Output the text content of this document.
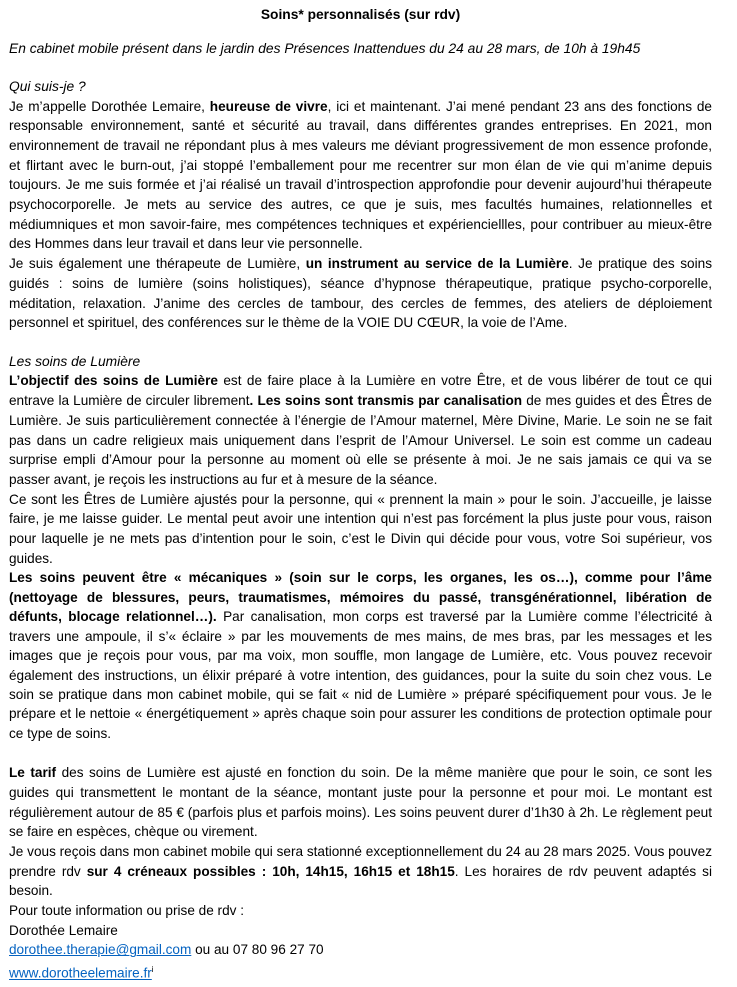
Soins* personnalisés (sur rdv)
En cabinet mobile présent dans le jardin des Présences Inattendues du 24 au 28 mars, de 10h à 19h45
Qui suis-je ?

Je m’appelle Dorothée Lemaire, heureuse de vivre, ici et maintenant. J’ai mené pendant 23 ans des fonctions de responsable environnement, santé et sécurité au travail, dans différentes grandes entreprises. En 2021, mon environnement de travail ne répondant plus à mes valeurs me déviant progressivement de mon essence profonde, et flirtant avec le burn-out, j’ai stoppé l’emballement pour me recentrer sur mon élan de vie qui m’anime depuis toujours. Je me suis formée et j’ai réalisé un travail d’introspection approfondie pour devenir aujourd’hui thérapeute psychocorporelle. Je mets au service des autres, ce que je suis, mes facultés humaines, relationnelles et médiumniques et mon savoir-faire, mes compétences techniques et expérienciellles, pour contribuer au mieux-être des Hommes dans leur travail et dans leur vie personnelle.

Je suis également une thérapeute de Lumière, un instrument au service de la Lumière. Je pratique des soins guidés : soins de lumière (soins holistiques), séance d’hypnose thérapeutique, pratique psycho-corporelle, méditation, relaxation. J’anime des cercles de tambour, des cercles de femmes, des ateliers de déploiement personnel et spirituel, des conférences sur le thème de la VOIE DU CŒUR, la voie de l’Ame.

Les soins de Lumière

L’objectif des soins de Lumière est de faire place à la Lumière en votre Être, et de vous libérer de tout ce qui entrave la Lumière de circuler librement. Les soins sont transmis par canalisation de mes guides et des Êtres de Lumière. Je suis particulièrement connectée à l’énergie de l’Amour maternel, Mère Divine, Marie. Le soin ne se fait pas dans un cadre religieux mais uniquement dans l’esprit de l’Amour Universel. Le soin est comme un cadeau surprise empli d’Amour pour la personne au moment où elle se présente à moi. Je ne sais jamais ce qui va se passer avant, je reçois les instructions au fur et à mesure de la séance.

Ce sont les Êtres de Lumière ajustés pour la personne, qui « prennent la main » pour le soin. J’accueille, je laisse faire, je me laisse guider. Le mental peut avoir une intention qui n’est pas forcément la plus juste pour vous, raison pour laquelle je ne mets pas d’intention pour le soin, c’est le Divin qui décide pour vous, votre Soi supérieur, vos guides.

Les soins peuvent être « mécaniques » (soin sur le corps, les organes, les os…), comme pour l’âme (nettoyage de blessures, peurs, traumatismes, mémoires du passé, transgénérationnel, libération de défunts, blocage relationnel…). Par canalisation, mon corps est traversé par la Lumière comme l’électricité à travers une ampoule, il s’« éclaire » par les mouvements de mes mains, de mes bras, par les messages et les images que je reçois pour vous, par ma voix, mon souffle, mon langage de Lumière, etc. Vous pouvez recevoir également des instructions, un élixir préparé à votre intention, des guidances, pour la suite du soin chez vous. Le soin se pratique dans mon cabinet mobile, qui se fait « nid de Lumière » préparé spécifiquement pour vous. Je le prépare et le nettoie « énergétiquement » après chaque soin pour assurer les conditions de protection optimale pour ce type de soins.

Le tarif des soins de Lumière est ajusté en fonction du soin. De la même manière que pour le soin, ce sont les guides qui transmettent le montant de la séance, montant juste pour la personne et pour moi. Le montant est régulièrement autour de 85 € (parfois plus et parfois moins). Les soins peuvent durer d’1h30 à 2h. Le règlement peut se faire en espèces, chèque ou virement.

Je vous reçois dans mon cabinet mobile qui sera stationné exceptionnellement du 24 au 28 mars 2025. Vous pouvez prendre rdv sur 4 créneaux possibles : 10h, 14h15, 16h15 et 18h15. Les horaires de rdv peuvent adaptés si besoin.

Pour toute information ou prise de rdv :
Dorothée Lemaire
dorothee.therapie@gmail.com ou au 07 80 96 27 70
$www.dorotheelemaire.fr^i$
